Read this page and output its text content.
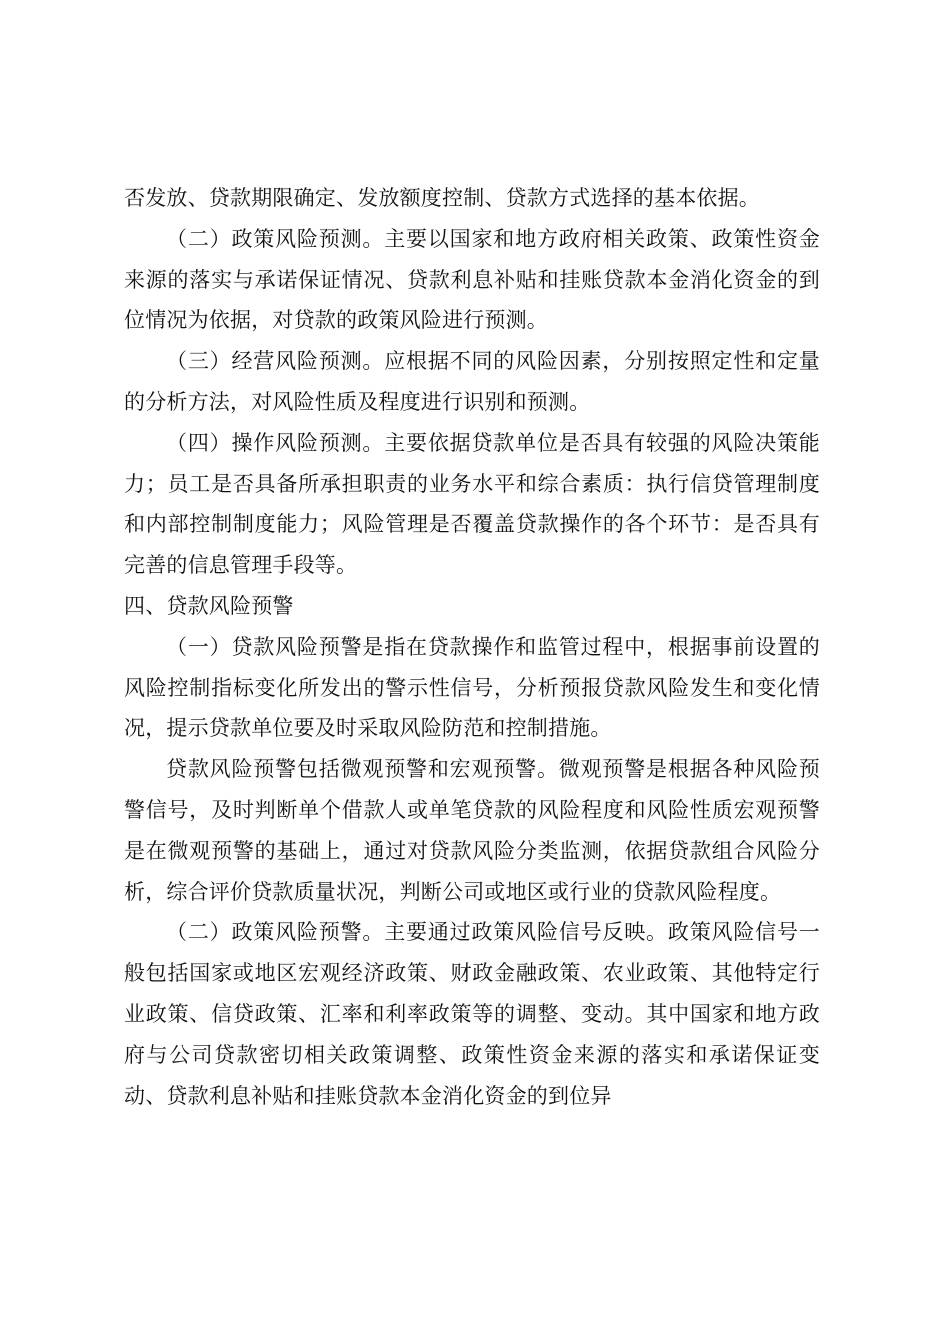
否发放、贷款期限确定、发放额度控制、贷款方式选择的基本依据。

（二）政策风险预测。主要以国家和地方政府相关政策、政策性资金来源的落实与承诺保证情况、贷款利息补贴和挂账贷款本金消化资金的到位情况为依据，对贷款的政策风险进行预测。

（三）经营风险预测。应根据不同的风险因素，分别按照定性和定量的分析方法，对风险性质及程度进行识别和预测。

（四）操作风险预测。主要依据贷款单位是否具有较强的风险决策能力；员工是否具备所承担职责的业务水平和综合素质：执行信贷管理制度和内部控制制度能力；风险管理是否覆盖贷款操作的各个环节：是否具有完善的信息管理手段等。

四、贷款风险预警

（一）贷款风险预警是指在贷款操作和监管过程中，根据事前设置的风险控制指标变化所发出的警示性信号，分析预报贷款风险发生和变化情况，提示贷款单位要及时采取风险防范和控制措施。

贷款风险预警包括微观预警和宏观预警。微观预警是根据各种风险预警信号，及时判断单个借款人或单笔贷款的风险程度和风险性质宏观预警是在微观预警的基础上，通过对贷款风险分类监测，依据贷款组合风险分析，综合评价贷款质量状况，判断公司或地区或行业的贷款风险程度。

（二）政策风险预警。主要通过政策风险信号反映。政策风险信号一般包括国家或地区宏观经济政策、财政金融政策、农业政策、其他特定行业政策、信贷政策、汇率和利率政策等的调整、变动。其中国家和地方政府与公司贷款密切相关政策调整、政策性资金来源的落实和承诺保证变动、贷款利息补贴和挂账贷款本金消化资金的到位异
